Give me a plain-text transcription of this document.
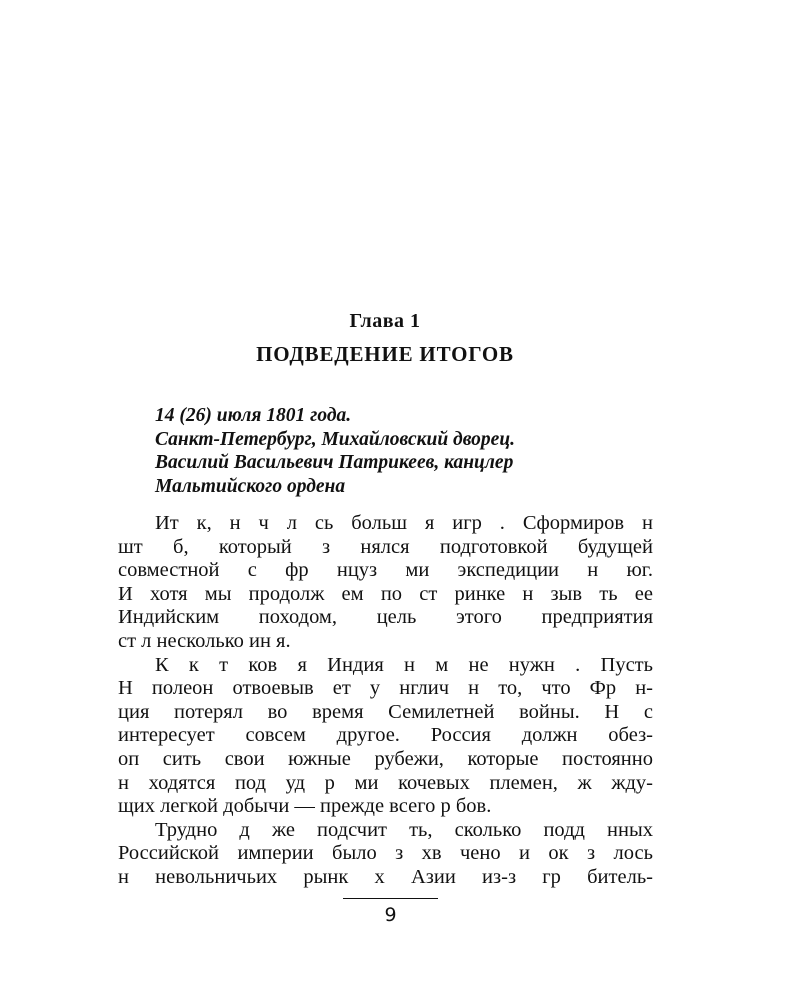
Глава 1
ПОДВЕДЕНИЕ ИТОГОВ
14 (26) июля 1801 года.
Санкт-Петербург, Михайловский дворец.
Василий Васильевич Патрикеев, канцлер
Мальтийского ордена
Ит к, н ч л сь больш я игр . Сформиров н
шт б, который з нялся подготовкой будущей
совместной с фр нцуз ми экспедиции н юг.
И хотя мы продолж ем по ст ринке н зыв ть ее
Индийским походом, цель этого предприятия
ст л несколько ин я.
К к т ков я Индия н м не нужн . Пусть
Н полеон отвоевыв ет у нглич н то, что Фр н-
ция потерял во время Семилетней войны. Н с
интересует совсем другое. Россия должн обез-
оп сить свои южные рубежи, которые постоянно
н ходятся под уд р ми кочевых племен, ж жду-
щих легкой добычи — прежде всего р бов.
Трудно д же подсчит ть, сколько подд нных
Российской империи было з хв чено и ок з лось
н невольничьих рынк х Азии из-з гр битель-
9
